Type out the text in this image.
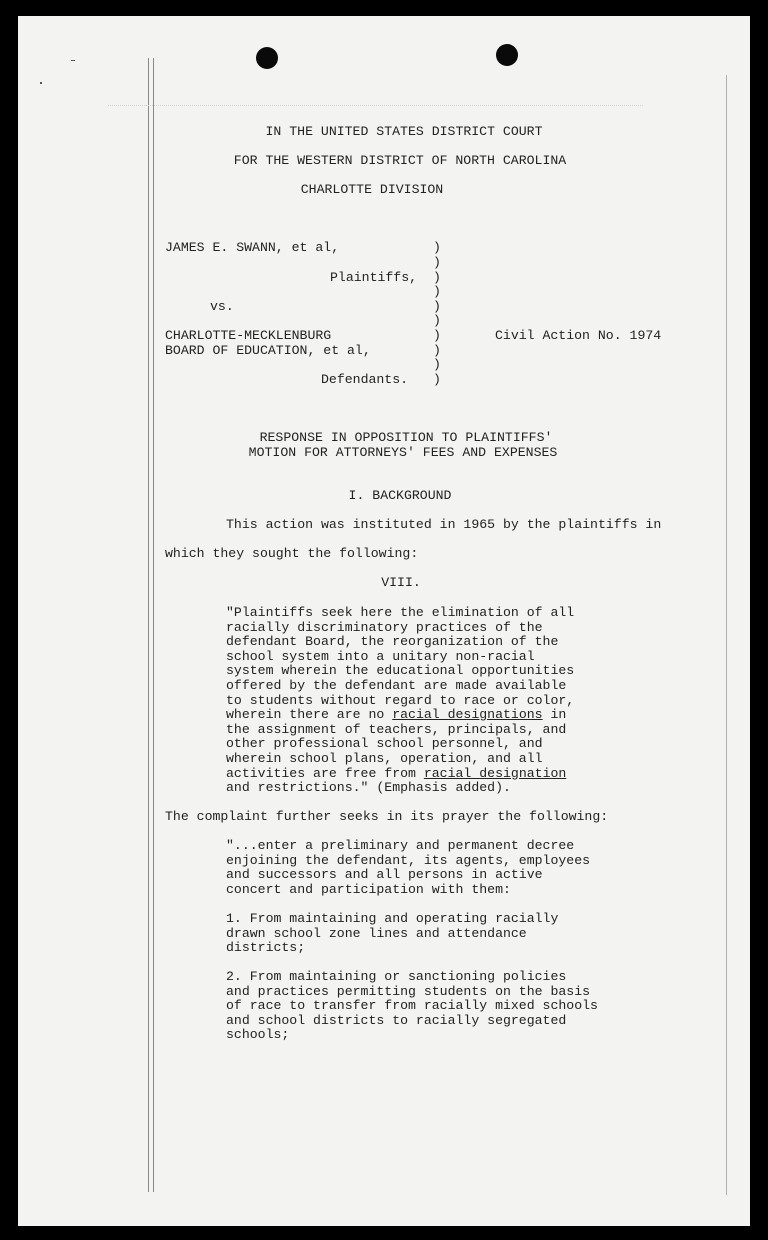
IN THE UNITED STATES DISTRICT COURT
FOR THE WESTERN DISTRICT OF NORTH CAROLINA
CHARLOTTE DIVISION
JAMES E. SWANN, et al,
Plaintiffs,
vs.
CHARLOTTE-MECKLENBURG
BOARD OF EDUCATION, et al,
Defendants.
Civil Action No. 1974
)
)
)
)
)
)
)
)
)
)
RESPONSE IN OPPOSITION TO PLAINTIFFS'
MOTION FOR ATTORNEYS' FEES AND EXPENSES
I. BACKGROUND
This action was instituted in 1965 by the plaintiffs in
which they sought the following:
VIII.
"Plaintiffs seek here the elimination of all
racially discriminatory practices of the
defendant Board, the reorganization of the
school system into a unitary non-racial
system wherein the educational opportunities
offered by the defendant are made available
to students without regard to race or color,
wherein there are no racial designations in
the assignment of teachers, principals, and
other professional school personnel, and
wherein school plans, operation, and all
activities are free from racial designation
and restrictions." (Emphasis added).
The complaint further seeks in its prayer the following:
"...enter a preliminary and permanent decree
enjoining the defendant, its agents, employees
and successors and all persons in active
concert and participation with them:
1. From maintaining and operating racially
drawn school zone lines and attendance
districts;
2. From maintaining or sanctioning policies
and practices permitting students on the basis
of race to transfer from racially mixed schools
and school districts to racially segregated
schools;
